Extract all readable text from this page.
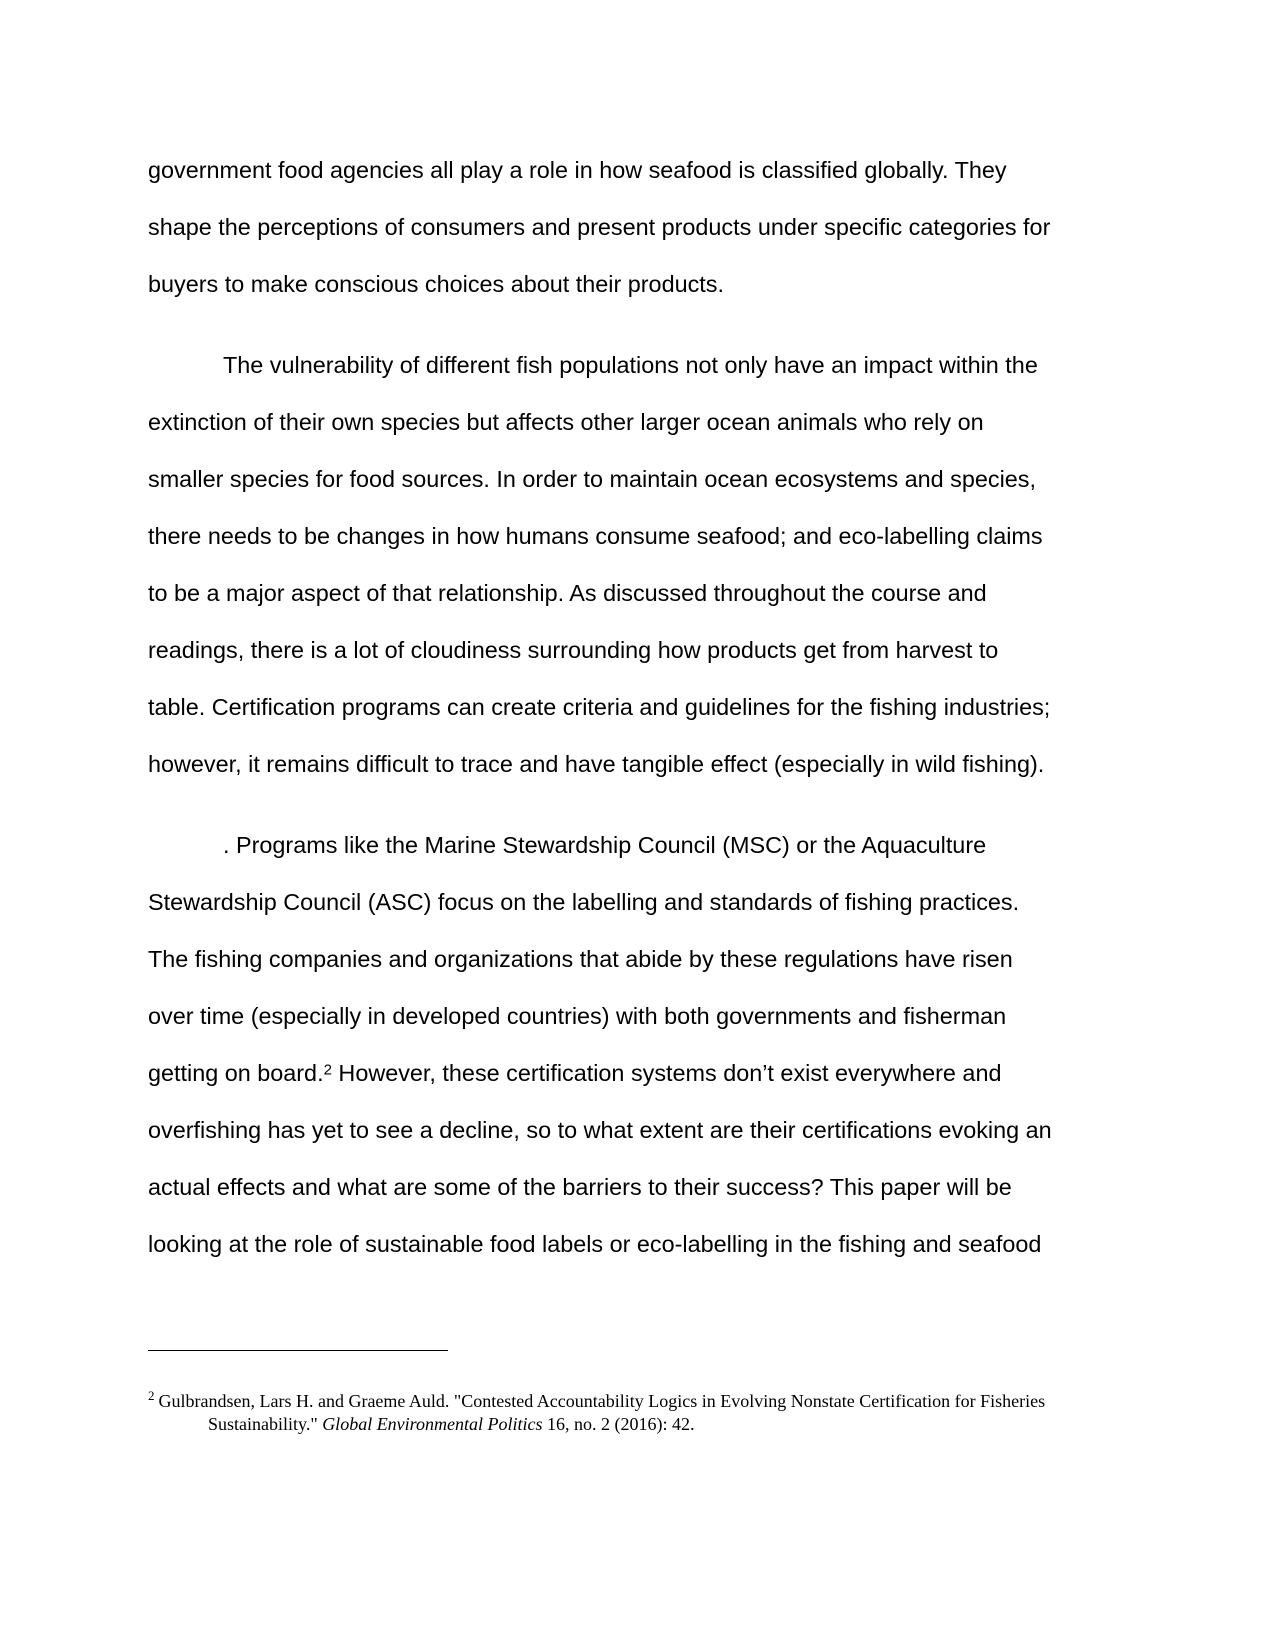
government food agencies all play a role in how seafood is classified globally. They
shape the perceptions of consumers and present products under specific categories for
buyers to make conscious choices about their products.

The vulnerability of different fish populations not only have an impact within the
extinction of their own species but affects other larger ocean animals who rely on
smaller species for food sources. In order to maintain ocean ecosystems and species,
there needs to be changes in how humans consume seafood; and eco-labelling claims
to be a major aspect of that relationship. As discussed throughout the course and
readings, there is a lot of cloudiness surrounding how products get from harvest to
table. Certification programs can create criteria and guidelines for the fishing industries;
however, it remains difficult to trace and have tangible effect (especially in wild fishing).

. Programs like the Marine Stewardship Council (MSC) or the Aquaculture
Stewardship Council (ASC) focus on the labelling and standards of fishing practices.
The fishing companies and organizations that abide by these regulations have risen
over time (especially in developed countries) with both governments and fisherman
getting on board.$^2$ However, these certification systems don’t exist everywhere and
overfishing has yet to see a decline, so to what extent are their certifications evoking an
actual effects and what are some of the barriers to their success? This paper will be
looking at the role of sustainable food labels or eco-labelling in the fishing and seafood

$^2$ Gulbrandsen, Lars H. and Graeme Auld. "Contested Accountability Logics in Evolving Nonstate Certification for Fisheries
Sustainability." Global Environmental Politics 16, no. 2 (2016): 42.
